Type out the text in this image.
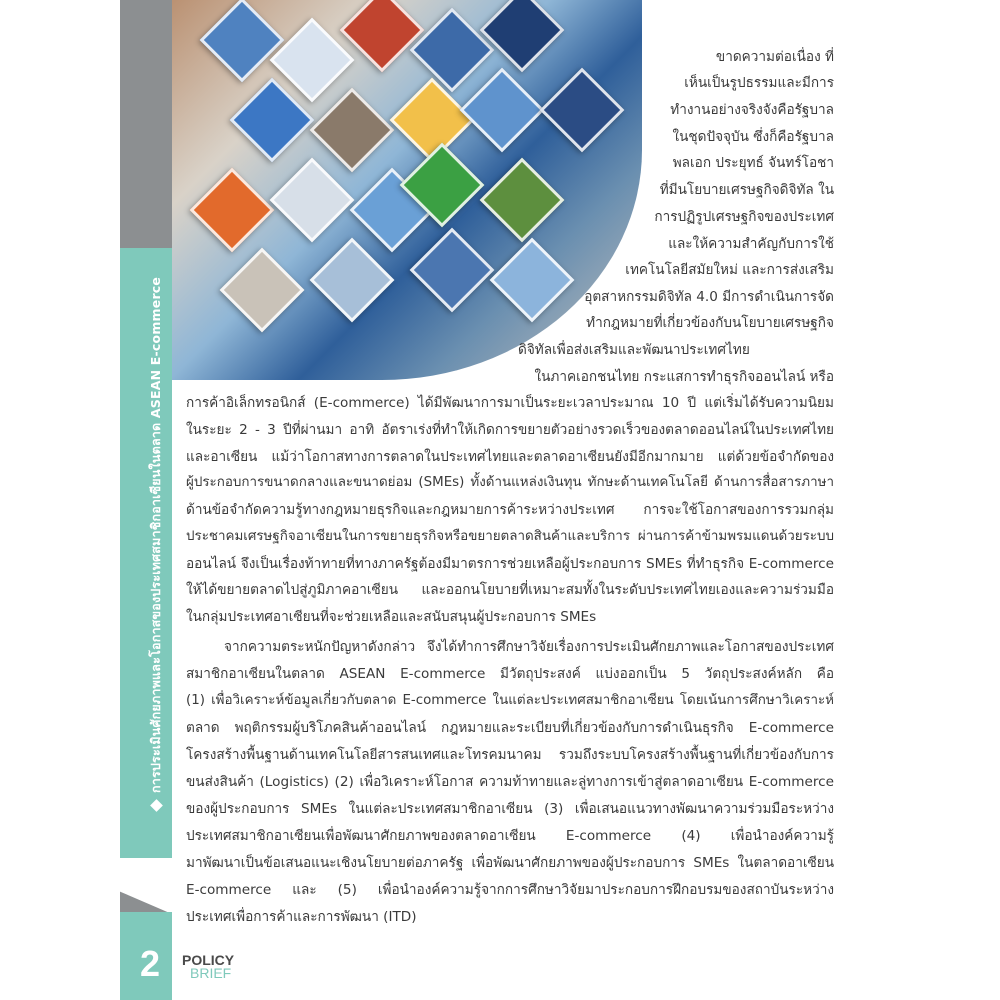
การประเมินศักยภาพและโอกาสของประเทศสมาชิกอาเซียนในตลาด ASEAN E-commerce
ขาดความต่อเนื่อง ที่
เห็นเป็นรูปธรรมและมีการ
ทำงานอย่างจริงจังคือรัฐบาล
ในชุดปัจจุบัน ซึ่งก็คือรัฐบาล
พลเอก ประยุทธ์ จันทร์โอชา
ที่มีนโยบายเศรษฐกิจดิจิทัล ใน
การปฏิรูปเศรษฐกิจของประเทศ
และให้ความสำคัญกับการใช้
เทคโนโลยีสมัยใหม่ และการส่งเสริม
อุตสาหกรรมดิจิทัล 4.0 มีการดำเนินการจัด
ทำกฎหมายที่เกี่ยวข้องกับนโยบายเศรษฐกิจ
ดิจิทัลเพื่อส่งเสริมและพัฒนาประเทศไทย
ในภาคเอกชนไทย กระแสการทำธุรกิจออนไลน์ หรือ
การค้าอิเล็กทรอนิกส์ (E-commerce) ได้มีพัฒนาการมาเป็นระยะเวลาประมาณ 10 ปี แต่เริ่มได้รับความนิยม
ในระยะ 2 - 3 ปีที่ผ่านมา อาทิ อัตราเร่งที่ทำให้เกิดการขยายตัวอย่างรวดเร็วของตลาดออนไลน์ในประเทศไทย
และอาเซียน แม้ว่าโอกาสทางการตลาดในประเทศไทยและตลาดอาเซียนยังมีอีกมากมาย แต่ด้วยข้อจำกัดของ
ผู้ประกอบการขนาดกลางและขนาดย่อม (SMEs) ทั้งด้านแหล่งเงินทุน ทักษะด้านเทคโนโลยี ด้านการสื่อสารภาษา
ด้านข้อจำกัดความรู้ทางกฎหมายธุรกิจและกฎหมายการค้าระหว่างประเทศ การจะใช้โอกาสของการรวมกลุ่ม
ประชาคมเศรษฐกิจอาเซียนในการขยายธุรกิจหรือขยายตลาดสินค้าและบริการ ผ่านการค้าข้ามพรมแดนด้วยระบบ
ออนไลน์ จึงเป็นเรื่องท้าทายที่ทางภาครัฐต้องมีมาตรการช่วยเหลือผู้ประกอบการ SMEs ที่ทำธุรกิจ E-commerce
ให้ได้ขยายตลาดไปสู่ภูมิภาคอาเซียน และออกนโยบายที่เหมาะสมทั้งในระดับประเทศไทยเองและความร่วมมือ
ในกลุ่มประเทศอาเซียนที่จะช่วยเหลือและสนับสนุนผู้ประกอบการ SMEs
จากความตระหนักปัญหาดังกล่าว จึงได้ทำการศึกษาวิจัยเรื่องการประเมินศักยภาพและโอกาสของประเทศ
สมาชิกอาเซียนในตลาด ASEAN E-commerce มีวัตถุประสงค์ แบ่งออกเป็น 5 วัตถุประสงค์หลัก คือ
(1) เพื่อวิเคราะห์ข้อมูลเกี่ยวกับตลาด E-commerce ในแต่ละประเทศสมาชิกอาเซียน โดยเน้นการศึกษาวิเคราะห์
ตลาด พฤติกรรมผู้บริโภคสินค้าออนไลน์ กฎหมายและระเบียบที่เกี่ยวข้องกับการดำเนินธุรกิจ E-commerce
โครงสร้างพื้นฐานด้านเทคโนโลยีสารสนเทศและโทรคมนาคม รวมถึงระบบโครงสร้างพื้นฐานที่เกี่ยวข้องกับการ
ขนส่งสินค้า (Logistics) (2) เพื่อวิเคราะห์โอกาส ความท้าทายและลู่ทางการเข้าสู่ตลาดอาเซียน E-commerce
ของผู้ประกอบการ SMEs ในแต่ละประเทศสมาชิกอาเซียน (3) เพื่อเสนอแนวทางพัฒนาความร่วมมือระหว่าง
ประเทศสมาชิกอาเซียนเพื่อพัฒนาศักยภาพของตลาดอาเซียน E-commerce (4) เพื่อนำองค์ความรู้
มาพัฒนาเป็นข้อเสนอแนะเชิงนโยบายต่อภาครัฐ เพื่อพัฒนาศักยภาพของผู้ประกอบการ SMEs ในตลาดอาเซียน
E-commerce และ (5) เพื่อนำองค์ความรู้จากการศึกษาวิจัยมาประกอบการฝึกอบรมของสถาบันระหว่าง
ประเทศเพื่อการค้าและการพัฒนา (ITD)
2 POLICY
BRIEF
